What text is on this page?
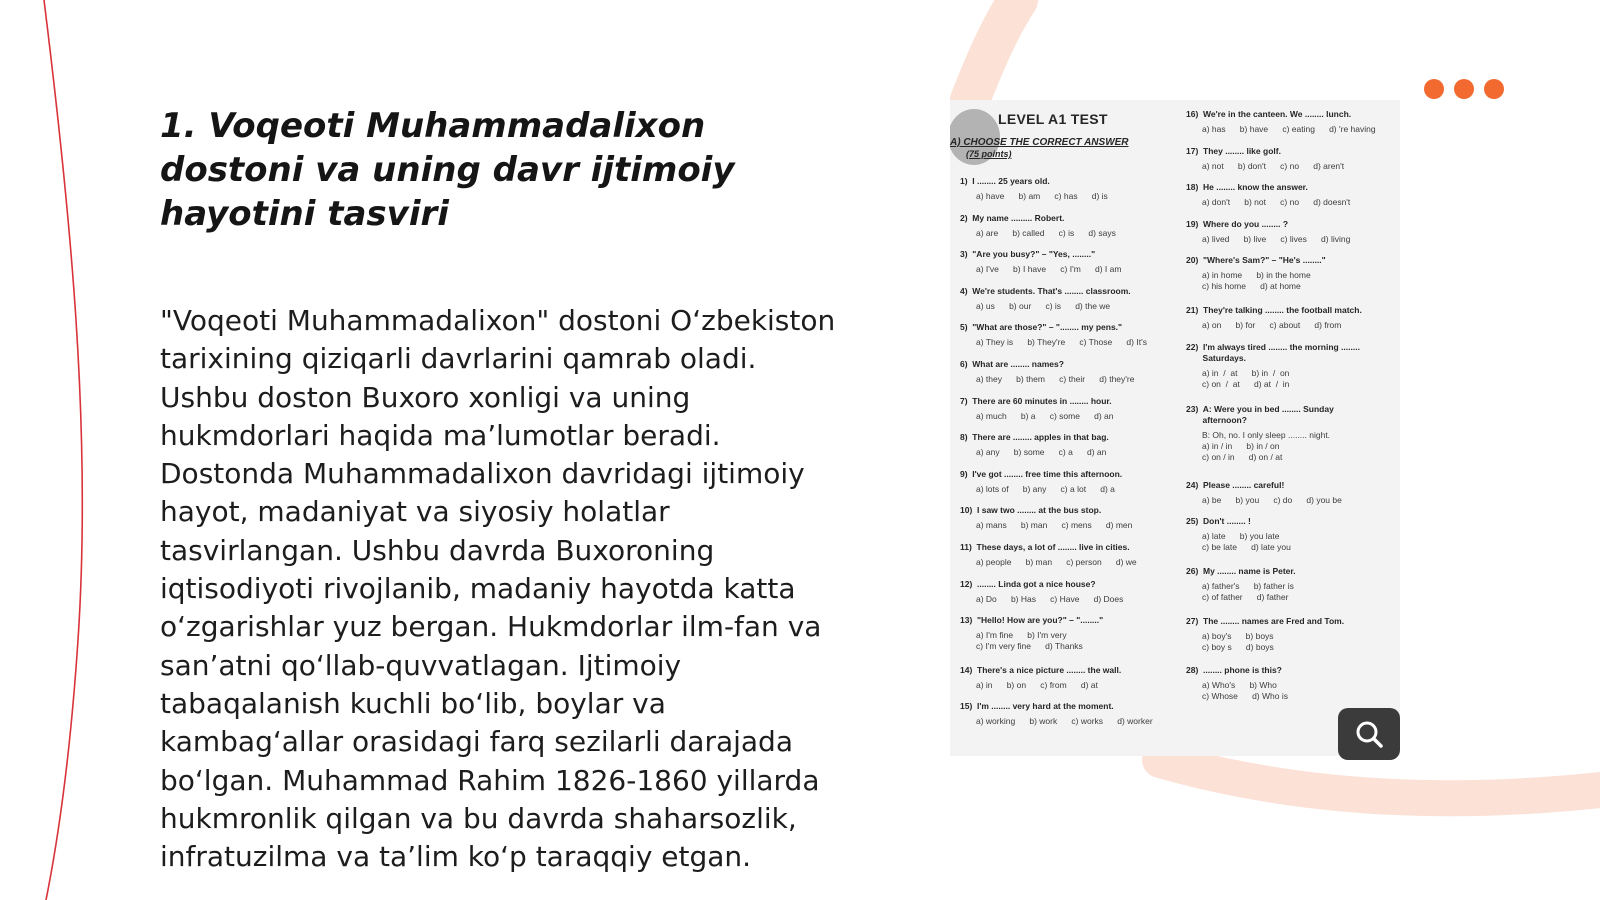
1. Voqeoti Muhammadalixon dostoni va uning davr ijtimoiy hayotini tasviri

"Voqeoti Muhammadalixon" dostoni O‘zbekiston tarixining qiziqarli davrlarini qamrab oladi. Ushbu doston Buxoro xonligi va uning hukmdorlari haqida ma’lumotlar beradi. Dostonda Muhammadalixon davridagi ijtimoiy hayot, madaniyat va siyosiy holatlar tasvirlangan. Ushbu davrda Buxoroning iqtisodiyoti rivojlanib, madaniy hayotda katta o‘zgarishlar yuz bergan. Hukmdorlar ilm-fan va san’atni qo‘llab-quvvatlagan. Ijtimoiy tabaqalanish kuchli bo‘lib, boylar va kambag‘allar orasidagi farq sezilarli darajada bo‘lgan. Muhammad Rahim 1826-1860 yillarda hukmronlik qilgan va bu davrda shaharsozlik, infratuzilma va ta’lim ko‘p taraqqiy etgan.

LEVEL A1 TEST
A) CHOOSE THE CORRECT ANSWER
(75 points)
1)  I ........ 25 years old.
a) have      b) am      c) has      d) is
2)  My name ......... Robert.
a) are      b) called      c) is      d) says
3)  "Are you busy?" – "Yes, ........"
a) I've      b) I have      c) I'm      d) I am
4)  We're students. That's ........ classroom.
a) us      b) our      c) is      d) the we
5)  "What are those?" – "........ my pens."
a) They is      b) They're      c) Those      d) It's
6)  What are ........ names?
a) they      b) them      c) their      d) they're
7)  There are 60 minutes in ........ hour.
a) much      b) a      c) some      d) an
8)  There are ........ apples in that bag.
a) any      b) some      c) a      d) an
9)  I've got ........ free time this afternoon.
a) lots of      b) any      c) a lot      d) a
10)  I saw two ........ at the bus stop.
a) mans      b) man      c) mens      d) men
11)  These days, a lot of ........ live in cities.
a) people      b) man      c) person      d) we
12)  ........ Linda got a nice house?
a) Do      b) Has      c) Have      d) Does
13)  "Hello! How are you?" – "........"
a) I'm fine      b) I'm very
c) I'm very fine      d) Thanks
14)  There's a nice picture ........ the wall.
a) in      b) on      c) from      d) at
15)  I'm ........ very hard at the moment.
a) working      b) work      c) works      d) worker
16)  We're in the canteen. We ........ lunch.
a) has      b) have      c) eating      d) 're having
17)  They ........ like golf.
a) not      b) don't      c) no      d) aren't
18)  He ........ know the answer.
a) don't      b) not      c) no      d) doesn't
19)  Where do you ........ ?
a) lived      b) live      c) lives      d) living
20)  "Where's Sam?" – "He's ........"
a) in home      b) in the home
c) his home      d) at home
21)  They're talking ........ the football match.
a) on      b) for      c) about      d) from
22)  I'm always tired ........ the morning ........
Saturdays.
a) in  /  at      b) in  /  on
c) on  /  at      d) at  /  in
23)  A: Were you in bed ........ Sunday
afternoon?
B: Oh, no. I only sleep ........ night.
a) in / in      b) in / on
c) on / in      d) on / at
24)  Please ........ careful!
a) be      b) you      c) do      d) you be
25)  Don't ........ !
a) late      b) you late
c) be late      d) late you
26)  My ........ name is Peter.
a) father's      b) father is
c) of father      d) father
27)  The ........ names are Fred and Tom.
a) boy's      b) boys
c) boy s      d) boys
28)  ........ phone is this?
a) Who's      b) Who
c) Whose      d) Who is
